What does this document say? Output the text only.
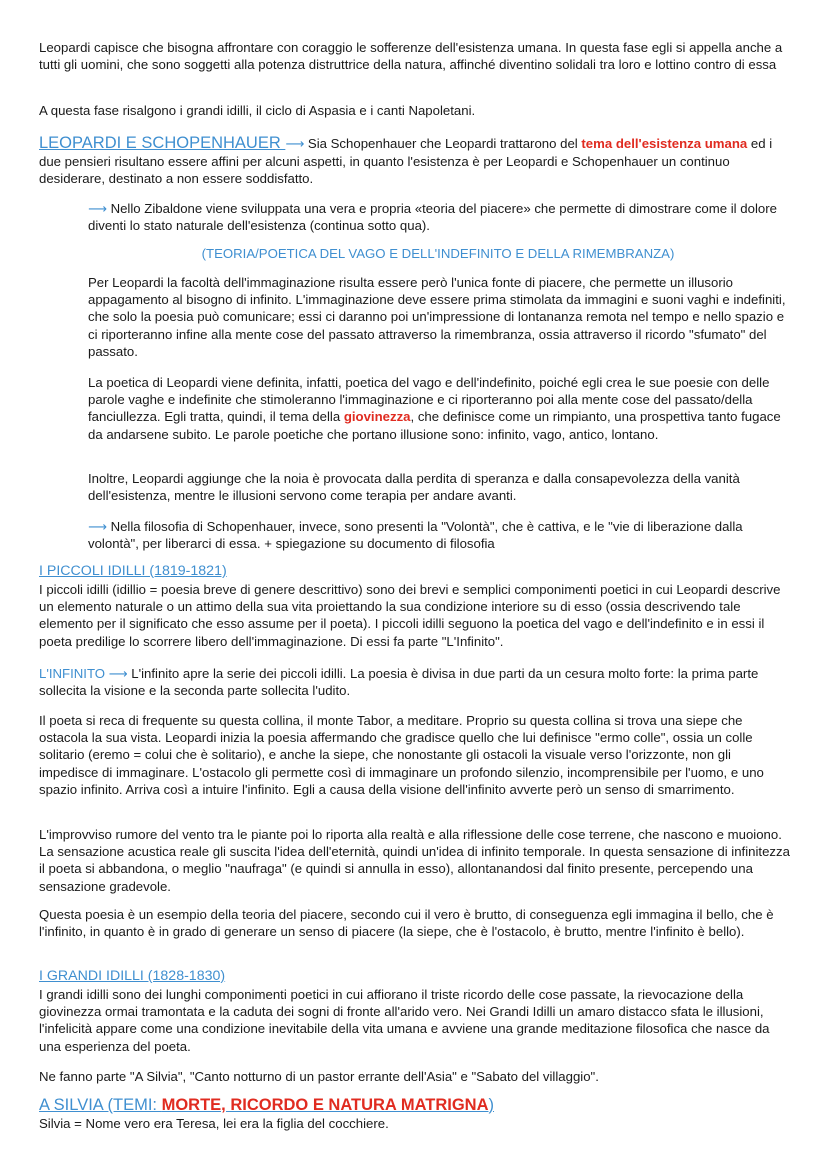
Leopardi capisce che bisogna affrontare con coraggio le sofferenze dell'esistenza umana. In questa fase egli si appella anche a tutti gli uomini, che sono soggetti alla potenza distruttrice della natura, affinché diventino solidali tra loro e lottino contro di essa

A questa fase risalgono i grandi idilli, il ciclo di Aspasia e i canti Napoletani.

LEOPARDI E SCHOPENHAUER ⟶ Sia Schopenhauer che Leopardi trattarono del tema dell'esistenza umana ed i due pensieri risultano essere affini per alcuni aspetti, in quanto l'esistenza è per Leopardi e Schopenhauer un continuo desiderare, destinato a non essere soddisfatto.

⟶ Nello Zibaldone viene sviluppata una vera e propria «teoria del piacere» che permette di dimostrare come il dolore diventi lo stato naturale dell'esistenza (continua sotto qua).

(TEORIA/POETICA DEL VAGO E DELL'INDEFINITO E DELLA RIMEMBRANZA)

Per Leopardi la facoltà dell'immaginazione risulta essere però l'unica fonte di piacere, che permette un illusorio appagamento al bisogno di infinito. L'immaginazione deve essere prima stimolata da immagini e suoni vaghi e indefiniti, che solo la poesia può comunicare; essi ci daranno poi un'impressione di lontananza remota nel tempo e nello spazio e ci riporteranno infine alla mente cose del passato attraverso la rimembranza, ossia attraverso il ricordo "sfumato" del passato.

La poetica di Leopardi viene definita, infatti, poetica del vago e dell'indefinito, poiché egli crea le sue poesie con delle parole vaghe e indefinite che stimoleranno l'immaginazione e ci riporteranno poi alla mente cose del passato/della fanciullezza. Egli tratta, quindi, il tema della giovinezza, che definisce come un rimpianto, una prospettiva tanto fugace da andarsene subito. Le parole poetiche che portano illusione sono: infinito, vago, antico, lontano.

Inoltre, Leopardi aggiunge che la noia è provocata dalla perdita di speranza e dalla consapevolezza della vanità dell'esistenza, mentre le illusioni servono come terapia per andare avanti.

⟶ Nella filosofia di Schopenhauer, invece, sono presenti la "Volontà", che è cattiva, e le "vie di liberazione dalla volontà", per liberarci di essa. + spiegazione su documento di filosofia

I PICCOLI IDILLI (1819-1821)

I piccoli idilli (idillio = poesia breve di genere descrittivo) sono dei brevi e semplici componimenti poetici in cui Leopardi descrive un elemento naturale o un attimo della sua vita proiettando la sua condizione interiore su di esso (ossia descrivendo tale elemento per il significato che esso assume per il poeta). I piccoli idilli seguono la poetica del vago e dell'indefinito e in essi il poeta predilige lo scorrere libero dell'immaginazione. Di essi fa parte "L'Infinito".

L'INFINITO ⟶ L'infinito apre la serie dei piccoli idilli. La poesia è divisa in due parti da un cesura molto forte: la prima parte sollecita la visione e la seconda parte sollecita l'udito.

Il poeta si reca di frequente su questa collina, il monte Tabor, a meditare. Proprio su questa collina si trova una siepe che ostacola la sua vista. Leopardi inizia la poesia affermando che gradisce quello che lui definisce "ermo colle", ossia un colle solitario (eremo = colui che è solitario), e anche la siepe, che nonostante gli ostacoli la visuale verso l'orizzonte, non gli impedisce di immaginare. L'ostacolo gli permette così di immaginare un profondo silenzio, incomprensibile per l'uomo, e uno spazio infinito. Arriva così a intuire l'infinito. Egli a causa della visione dell'infinito avverte però un senso di smarrimento.

L'improvviso rumore del vento tra le piante poi lo riporta alla realtà e alla riflessione delle cose terrene, che nascono e muoiono. La sensazione acustica reale gli suscita l'idea dell'eternità, quindi un'idea di infinito temporale. In questa sensazione di infinitezza il poeta si abbandona, o meglio "naufraga" (e quindi si annulla in esso), allontanandosi dal finito presente, percependo una sensazione gradevole.

Questa poesia è un esempio della teoria del piacere, secondo cui il vero è brutto, di conseguenza egli immagina il bello, che è l'infinito, in quanto è in grado di generare un senso di piacere (la siepe, che è l'ostacolo, è brutto, mentre l'infinito è bello).

I GRANDI IDILLI (1828-1830)

I grandi idilli sono dei lunghi componimenti poetici in cui affiorano il triste ricordo delle cose passate, la rievocazione della giovinezza ormai tramontata e la caduta dei sogni di fronte all'arido vero. Nei Grandi Idilli un amaro distacco sfata le illusioni, l'infelicità appare come una condizione inevitabile della vita umana e avviene una grande meditazione filosofica che nasce da una esperienza del poeta.

Ne fanno parte "A Silvia", "Canto notturno di un pastor errante dell'Asia" e "Sabato del villaggio".

A SILVIA (TEMI: MORTE, RICORDO E NATURA MATRIGNA)

Silvia = Nome vero era Teresa, lei era la figlia del cocchiere.
